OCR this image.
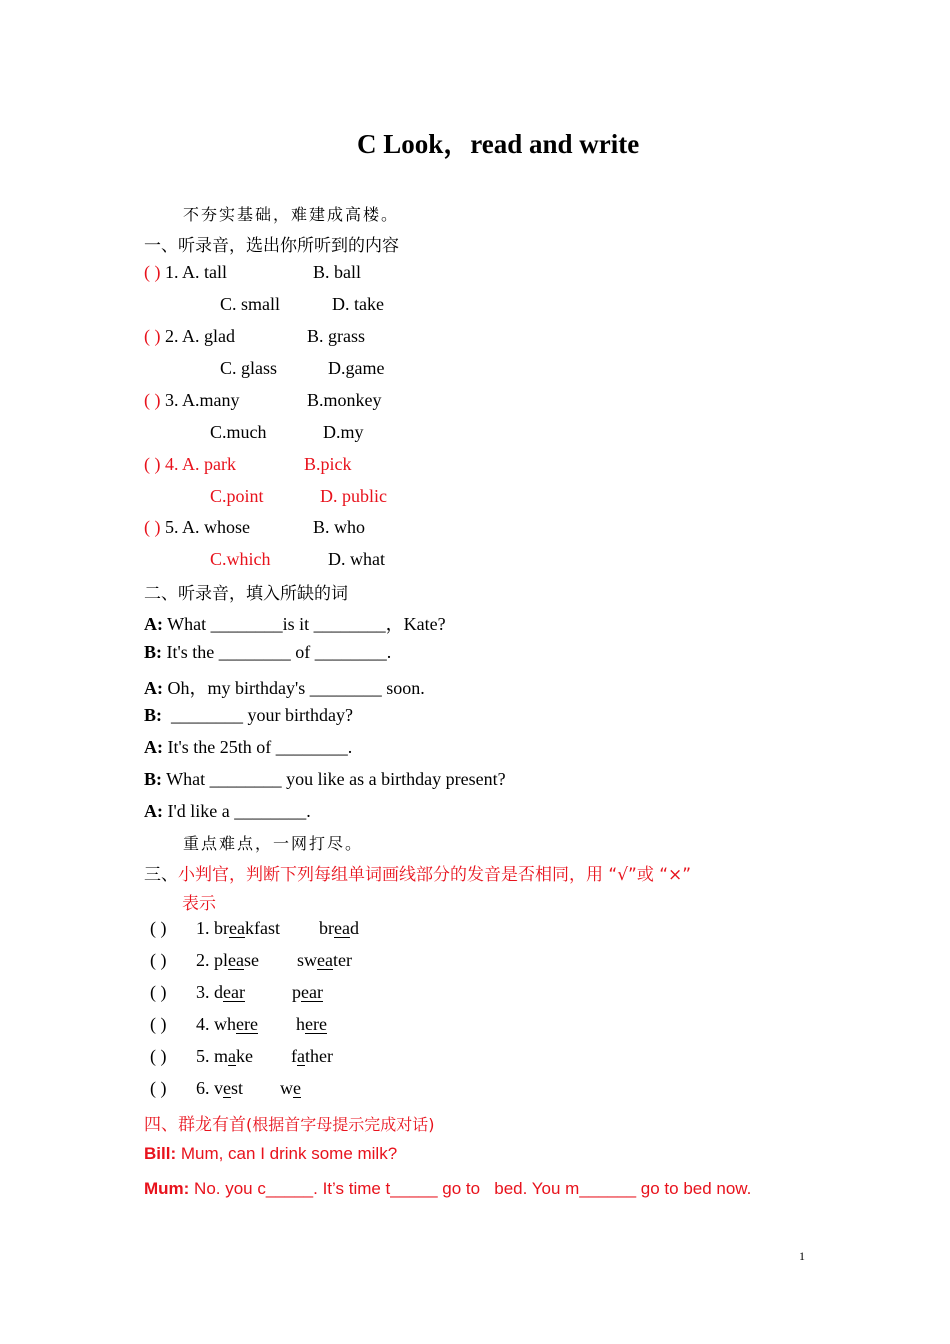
C Look，read and write
不夯实基础，难建成高楼。
一、听录音，选出你所听到的内容
( ) 1. A. tall	B. ball
C. small	D. take
( ) 2. A. glad	B. grass
C. glass	D.game
( ) 3. A.many	B.monkey
C.much	D.my
( ) 4. A. park	B.pick
C.point	D. public
( ) 5. A. whose	B. who
C.which	D. what
二、听录音，填入所缺的词
A: What ________is it ________，Kate?
B: It's the ________ of ________.
A: Oh，my birthday's ________ soon.
B:  ________ your birthday?
A: It's the 25th of ________.
B: What ________ you like as a birthday present?
A: I'd like a ________.
重点难点，一网打尽。
三、小判官，判断下列每组单词画线部分的发音是否相同，用 “√”或 “×”
表示
( ) 1. breakfast bread
( ) 2. please sweater
( ) 3. dear	pear
( ) 4. where here
( ) 5. make father
( ) 6. vest we
四、群龙有首(根据首字母提示完成对话)
Bill: Mum, can I drink some milk?
Mum: No. you c_____. It’s time t_____ go to   bed. You m______ go to bed now.
1
